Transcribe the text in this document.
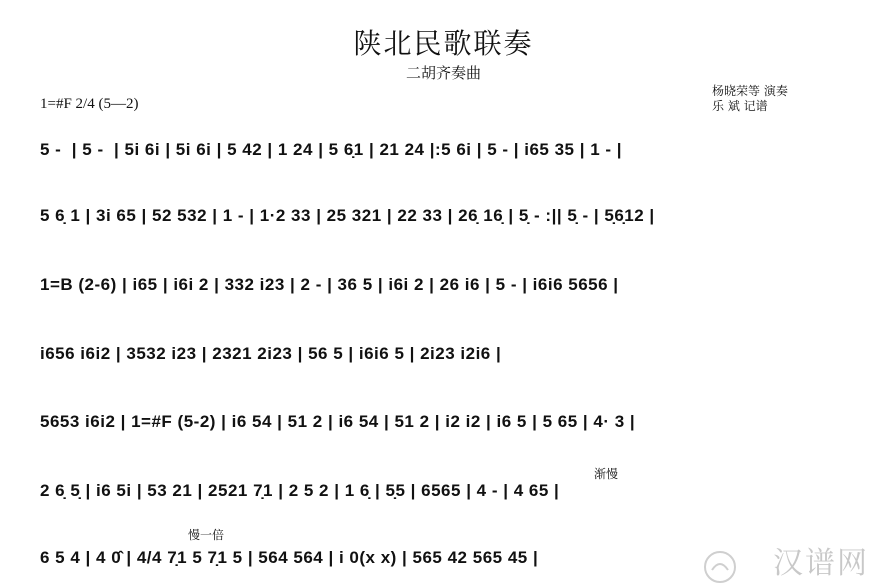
陕北民歌联奏
二胡齐奏曲
杨晓荣等 演奏
乐 斌 记谱
1=#F 2/4 (5—2)
5 -  | 5 -  | 5i 6i | 5i 6i | 5 42 | 1 24 | 5 6̣1 | 21 24 |:5 6i | 5 - | i65 35 | 1 - |
5 6̣ 1 | 3i 65 | 52 532 | 1 - | 1·2 33 | 25 321 | 22 33 | 26̣ 16̣ | 5̣ - :|| 5̣ - | 5̣6̣12 |
1=B (2-6) | i65 | i6i 2 | 332 i23 | 2 - | 36 5 | i6i 2 | 26 i6 | 5 - | i6i6 5656 |
i656 i6i2 | 3532 i23 | 2321 2i23 | 56 5 | i6i6 5 | 2i23 i2i6 |
5653 i6i2 | 1=#F (5-2) | i6 54 | 51 2 | i6 54 | 51 2 | i2 i2 | i6 5 | 5 65 | 4· 3 |
2 6̣ 5̣ | i6 5i | 53 21 | 2521 7̣1 | 2 5 2 | 1 6̣ | 5̣5 | 6565 | 4 - | 4 65 |
6 5 4 | 4 0̂ | 4/4 7̣1 5 7̣1 5 | 564 564 | i 0(x x) | 565 42 565 45 |
渐慢
慢一倍
汉谱网
